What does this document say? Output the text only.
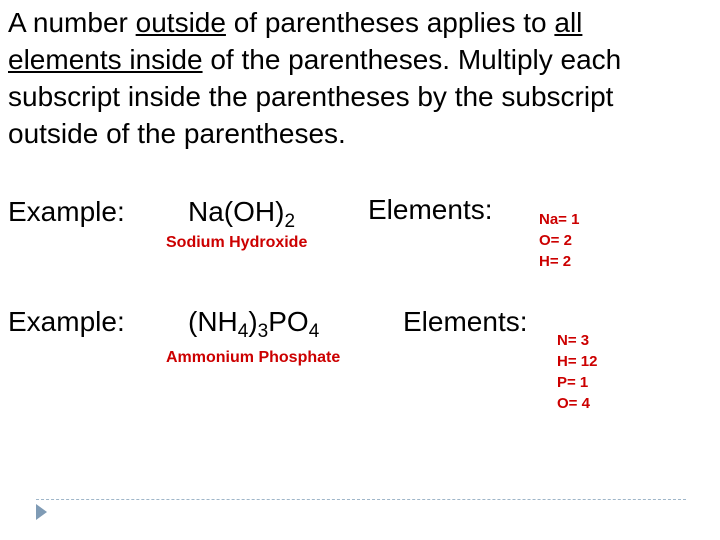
A number outside of parentheses applies to all
elements inside of the parentheses. Multiply each subscript inside the parentheses by the subscript outside of the parentheses.

Example: $Na(OH)_2$
Sodium Hydroxide
Elements:	Na= 1
O= 2
H= 2
Example: $(NH_4)_3PO_4$
Ammonium Phosphate
Elements:
N= 3
H= 12
P= 1
O= 4
